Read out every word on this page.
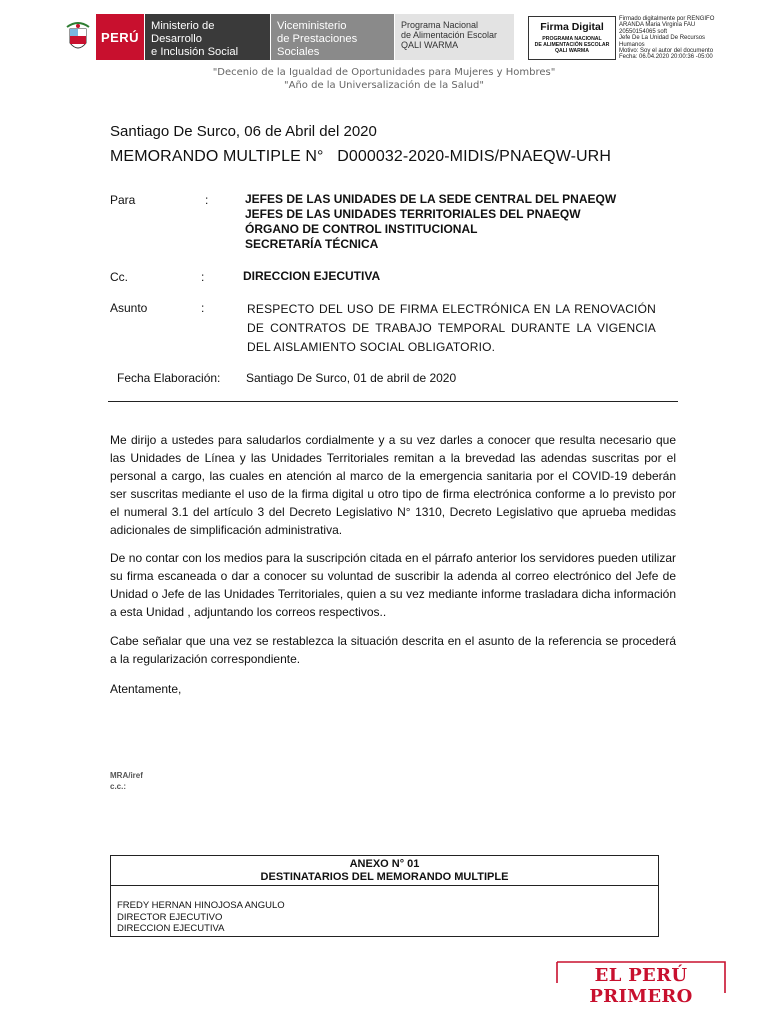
PERÚ
Ministerio de Desarrollo
e Inclusión Social
Viceministerio
de Prestaciones Sociales
Programa Nacional
de Alimentación Escolar
QALI WARMA
Firma Digital
PROGRAMA NACIONAL
DE ALIMENTACIÓN ESCOLAR
QALI WARMA
Firmado digitalmente por RENGIFO
ARANDA Maria Virginia FAU
20550154065 soft
Jefe De La Unidad De Recursos
Humanos
Motivo: Soy el autor del documento
Fecha: 06.04.2020 20:00:36 -05:00
"Decenio de la Igualdad de Oportunidades para Mujeres y Hombres"
"Año de la Universalización de la Salud"
Santiago De Surco, 06 de Abril del 2020
MEMORANDO MULTIPLE N°   D000032-2020-MIDIS/PNAEQW-URH
Para	:	JEFES DE LAS UNIDADES DE LA SEDE CENTRAL DEL PNAEQW
JEFES DE LAS UNIDADES TERRITORIALES DEL PNAEQW
ÓRGANO DE CONTROL INSTITUCIONAL
SECRETARÍA TÉCNICA
Cc.	:	DIRECCION EJECUTIVA
Asunto	:	RESPECTO DEL USO DE FIRMA ELECTRÓNICA EN LA RENOVACIÓN DE CONTRATOS DE TRABAJO TEMPORAL DURANTE LA VIGENCIA DEL AISLAMIENTO SOCIAL OBLIGATORIO.
Fecha Elaboración: Santiago De Surco, 01 de abril de 2020

Me dirijo a ustedes para saludarlos cordialmente y a su vez darles a conocer que resulta necesario que las Unidades de Línea y las Unidades Territoriales remitan a la brevedad las adendas suscritas por el personal a cargo, las cuales en atención al marco de la emergencia sanitaria por el COVID-19 deberán ser suscritas mediante el uso de la firma digital u otro tipo de firma electrónica conforme a lo previsto por el numeral 3.1 del artículo 3 del Decreto Legislativo N° 1310, Decreto Legislativo que aprueba medidas adicionales de simplificación administrativa.

De no contar con los medios para la suscripción citada en el párrafo anterior los servidores pueden utilizar su firma escaneada o dar a conocer su voluntad de suscribir la adenda al correo electrónico del Jefe de Unidad o Jefe de las Unidades Territoriales, quien a su vez mediante informe trasladara dicha información a esta Unidad , adjuntando los correos respectivos..

Cabe señalar que una vez se restablezca la situación descrita en el asunto de la referencia se procederá a la regularización correspondiente.

Atentamente,
MRA/iref
c.c.:
ANEXO N° 01
DESTINATARIOS DEL MEMORANDO MULTIPLE
FREDY HERNAN HINOJOSA ANGULO
DIRECTOR EJECUTIVO
DIRECCION EJECUTIVA
EL PERÚ PRIMERO
